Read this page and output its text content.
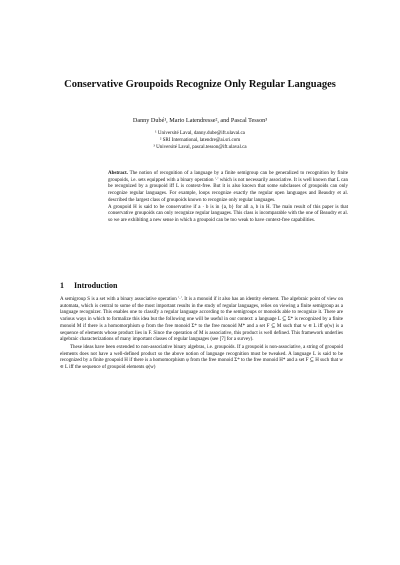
Conservative Groupoids Recognize Only Regular Languages
Danny Dubé¹, Mario Latendresse², and Pascal Tesson³
¹ Université Laval, danny.dube@ift.ulaval.ca
² SRI International, latendre@ai.sri.com
³ Université Laval, pascal.tesson@ift.ulaval.ca

Abstract. The notion of recognition of a language by a finite semigroup can be generalized to recognition by finite groupoids, i.e. sets equipped with a binary operation '·' which is not necessarily associative. It is well known that L can be recognized by a groupoid iff L is context-free. But it is also known that some subclasses of groupoids can only recognize regular languages. For example, loops recognize exactly the regular open languages and Beaudry et al. described the largest class of groupoids known to recognize only regular languages.

A groupoid H is said to be conservative if a · b is in {a, b} for all a, b in H. The main result of this paper is that conservative groupoids can only recognize regular languages. This class is incomparable with the one of Beaudry et al. so we are exhibiting a new sense in which a groupoid can be too weak to have context-free capabilities.

1 Introduction

A semigroup S is a set with a binary associative operation '·'. It is a monoid if it also has an identity element. The algebraic point of view on automata, which is central to some of the most important results in the study of regular languages, relies on viewing a finite semigroup as a language recognizer. This enables one to classify a regular language according to the semigroups or monoids able to recognize it. There are various ways in which to formalize this idea but the following one will be useful in our context: a language L ⊆ Σ* is recognized by a finite monoid M if there is a homomorphism φ from the free monoid Σ* to the free monoid M* and a set F ⊆ M such that w ∈ L iff φ(w) is a sequence of elements whose product lies in F. Since the operation of M is associative, this product is well defined. This framework underlies algebraic characterizations of many important classes of regular languages (see [7] for a survey).

These ideas have been extended to non-associative binary algebras, i.e. groupoids. If a groupoid is non-associative, a string of groupoid elements does not have a well-defined product so the above notion of language recognition must be tweaked. A language L is said to be recognized by a finite groupoid H if there is a homomorphism φ from the free monoid Σ* to the free monoid H* and a set F ⊆ H such that w ∈ L iff the sequence of groupoid elements φ(w)
